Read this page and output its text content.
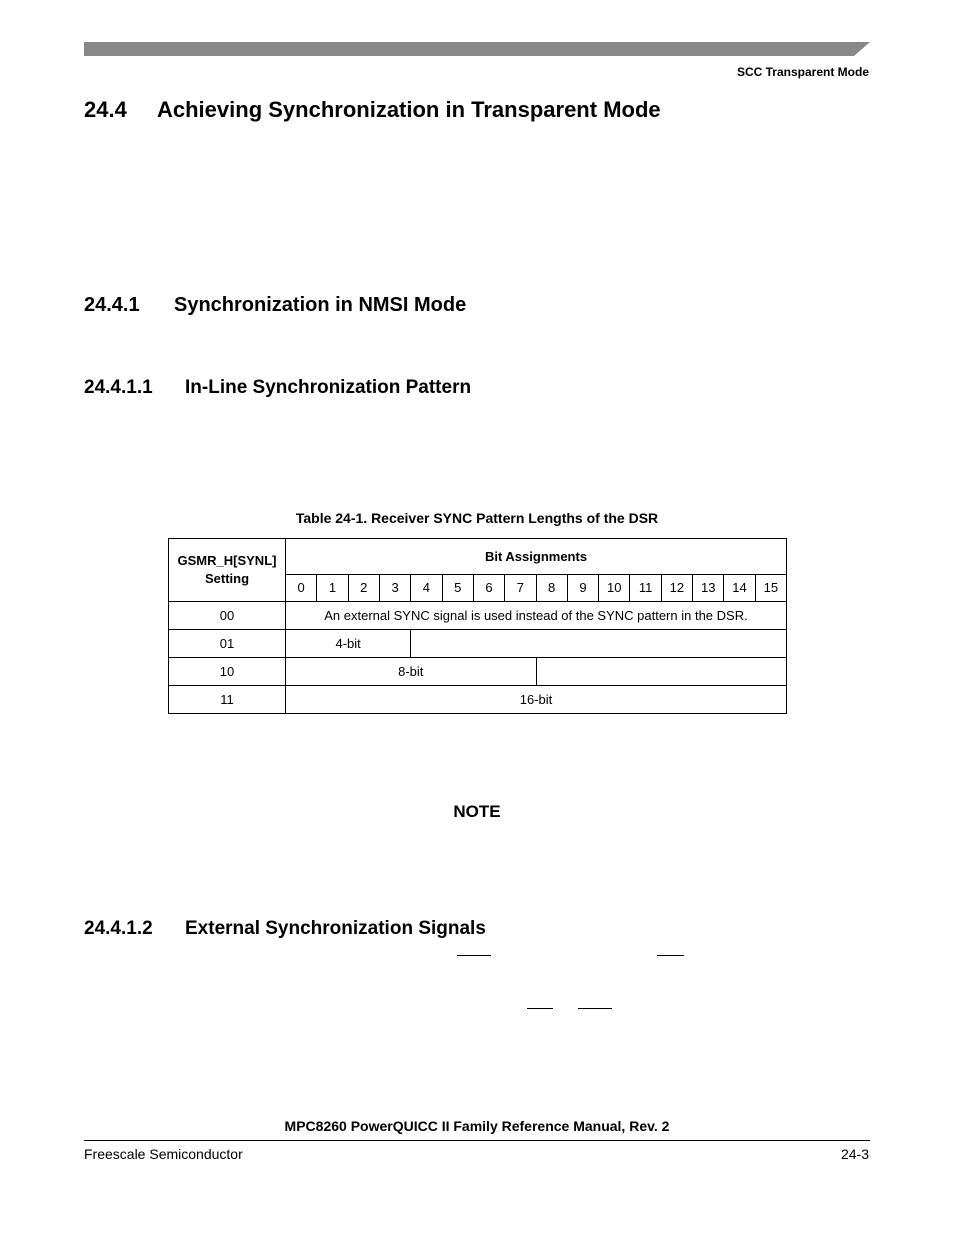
SCC Transparent Mode
24.4 Achieving Synchronization in Transparent Mode
24.4.1 Synchronization in NMSI Mode
24.4.1.1 In-Line Synchronization Pattern
Table 24-1. Receiver SYNC Pattern Lengths of the DSR
GSMR_H[SYNL]
Setting	Bit Assignments															
	0	1	2	3	4	5	6	7	8	9	10	11	12	13	14	15
00	An external SYNC signal is used instead of the SYNC pattern in the DSR.															
01	4-bit															
10	8-bit															
11	16-bit															
NOTE
24.4.1.2 External Synchronization Signals
MPC8260 PowerQUICC II Family Reference Manual, Rev. 2
Freescale Semiconductor	24-3
